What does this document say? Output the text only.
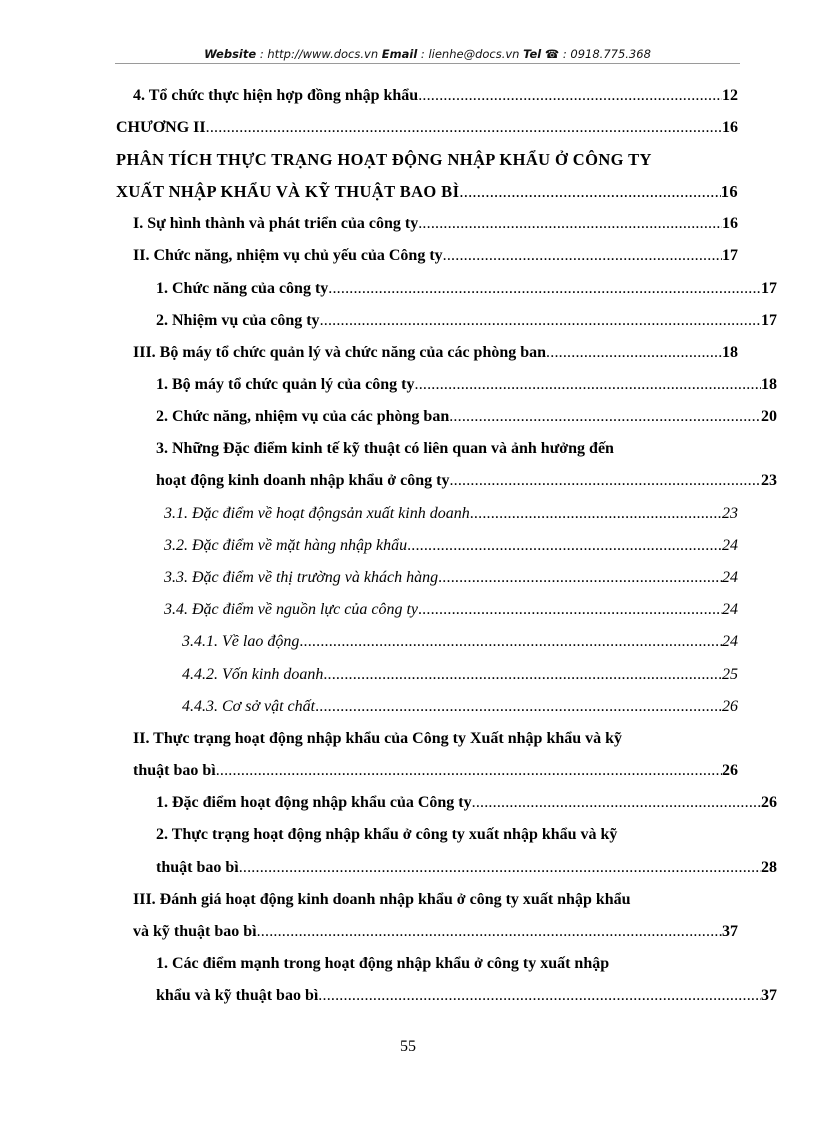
Website : http://www.docs.vn Email : lienhe@docs.vn Tel ☎ : 0918.775.368
4. Tổ chức thực hiện hợp đồng nhập khẩu .....	12
CHƯƠNG II .....	16
PHÂN TÍCH THỰC TRẠNG HOẠT ĐỘNG NHẬP KHẨU Ở CÔNG TY
XUẤT NHẬP KHẨU VÀ KỸ THUẬT BAO BÌ .....	16
I. Sự hình thành và phát triển của công ty .....	16
II. Chức năng, nhiệm vụ chủ yếu của Công ty .....	17
1. Chức năng của công ty .....	17
2. Nhiệm vụ của công ty .....	17
III. Bộ máy tổ chức quản lý và chức năng của các phòng ban .....	18
1. Bộ máy tổ chức quản lý của công ty .....	18
2. Chức năng, nhiệm vụ của các phòng ban .....	20
3. Những Đặc điểm kinh tế kỹ thuật có liên quan và ảnh hưởng đến
hoạt động kinh doanh nhập khẩu ở công ty .....	23
3.1. Đặc điểm về hoạt độngsản xuất kinh doanh .....	23
3.2. Đặc điểm về mặt hàng nhập khẩu .....	24
3.3. Đặc điểm về thị trường và khách hàng .....	24
3.4. Đặc điểm về nguồn lực của công ty .....	24
3.4.1. Về lao động .....	24
4.4.2. Vốn kinh doanh .....	25
4.4.3. Cơ sở vật chất .....	26
II. Thực trạng hoạt động nhập khẩu của Công ty Xuất nhập khẩu và kỹ
thuật bao bì .....	26
1. Đặc điểm hoạt động nhập khẩu của Công ty .....	26
2. Thực trạng hoạt động nhập khẩu ở công ty xuất nhập khẩu và kỹ
thuật bao bì .....	28
III. Đánh giá hoạt động kinh doanh nhập khẩu ở công ty xuất nhập khẩu
và kỹ thuật bao bì .....	37
1. Các điểm mạnh trong hoạt động nhập khẩu ở công ty xuất nhập
khẩu và kỹ thuật bao bì .....	37
55
